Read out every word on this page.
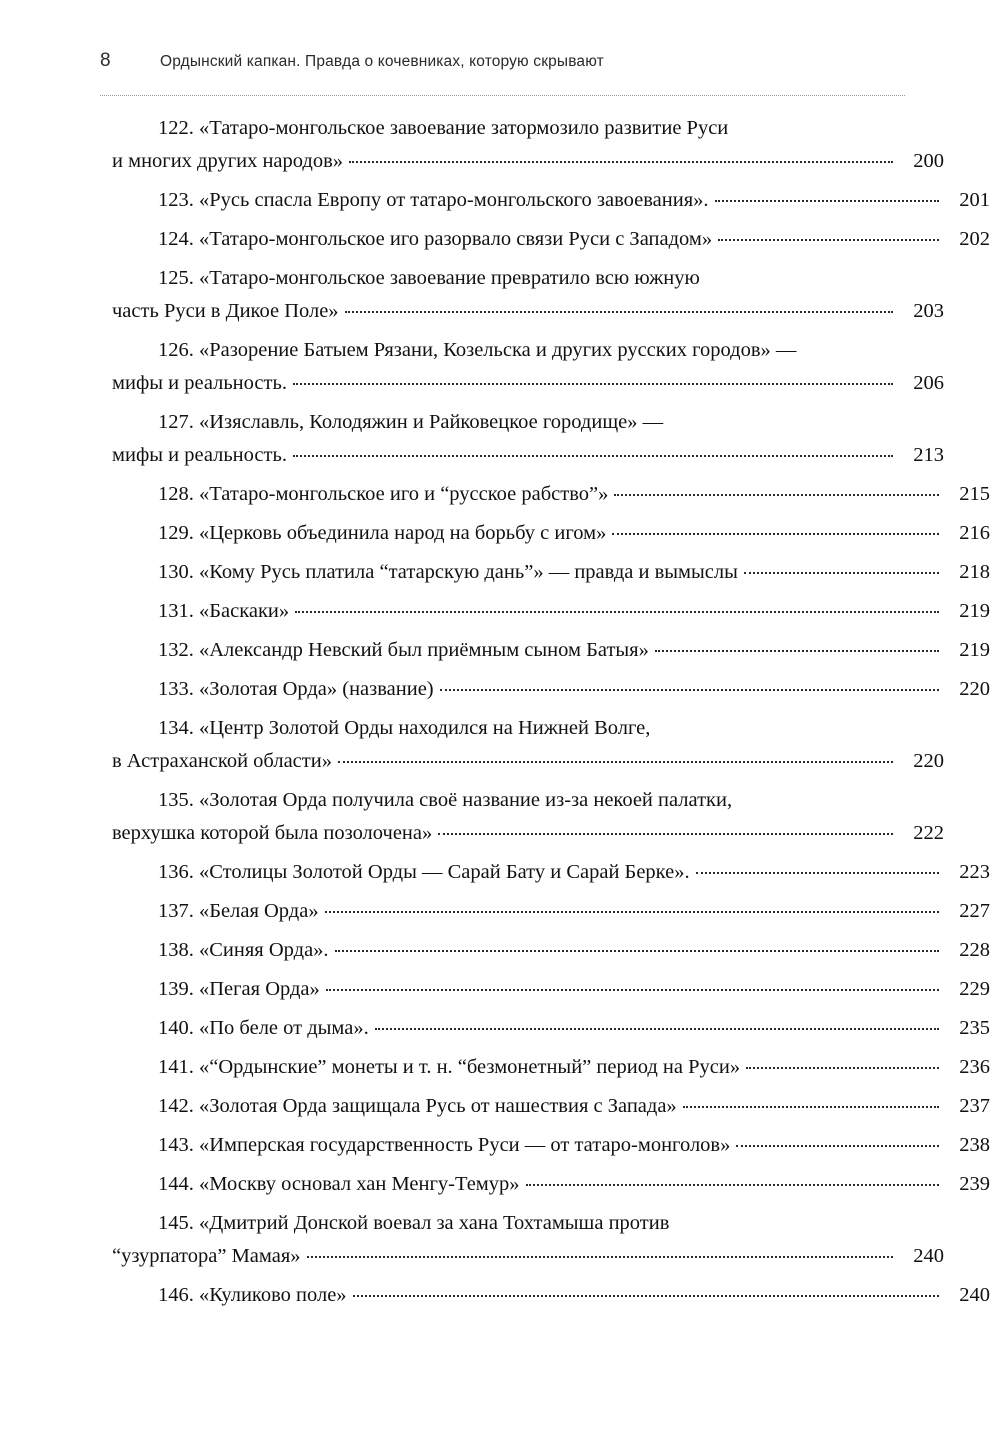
8	Ордынский капкан. Правда о кочевниках, которую скрывают
122. «Татаро-монгольское завоевание затормозило развитие Руси
и многих других народов»	200
123. «Русь спасла Европу от татаро-монгольского завоевания».	201
124. «Татаро-монгольское иго разорвало связи Руси с Западом»	202
125. «Татаро-монгольское завоевание превратило всю южную
часть Руси в Дикое Поле»	203
126. «Разорение Батыем Рязани, Козельска и других русских городов» —
мифы и реальность.	206
127. «Изяславль, Колодяжин и Райковецкое городище» —
мифы и реальность.	213
128. «Татаро-монгольское иго и “русское рабство”»	215
129. «Церковь объединила народ на борьбу с игом»	216
130. «Кому Русь платила “татарскую дань”» — правда и вымыслы	218
131. «Баскаки»	219
132. «Александр Невский был приёмным сыном Батыя»	219
133. «Золотая Орда» (название)	220
134. «Центр Золотой Орды находился на Нижней Волге,
в Астраханской области»	220
135. «Золотая Орда получила своё название из-за некоей палатки,
верхушка которой была позолочена»	222
136. «Столицы Золотой Орды — Сарай Бату и Сарай Берке».	223
137. «Белая Орда»	227
138. «Синяя Орда».	228
139. «Пегая Орда»	229
140. «По беле от дыма».	235
141. «“Ордынские” монеты и т. н. “безмонетный” период на Руси»	236
142. «Золотая Орда защищала Русь от нашествия с Запада»	237
143. «Имперская государственность Руси — от татаро-монголов»	238
144. «Москву основал хан Менгу-Темур»	239
145. «Дмитрий Донской воевал за хана Тохтамыша против
“узурпатора” Мамая»	240
146. «Куликово поле»	240
